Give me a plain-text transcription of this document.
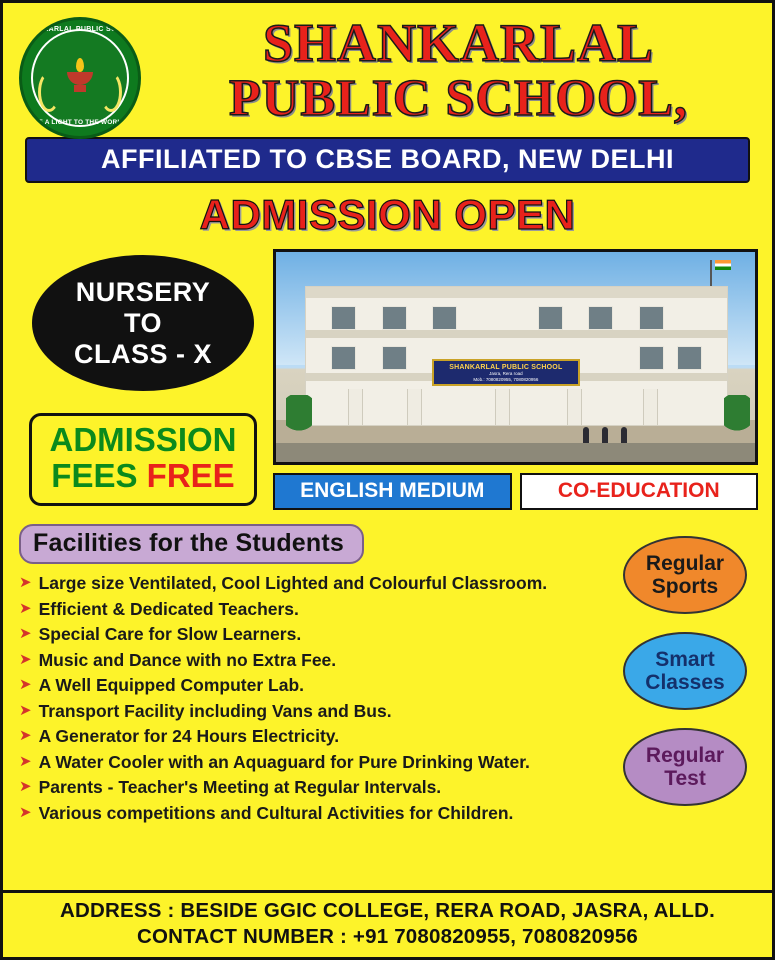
SHANKARLAL PUBLIC SCHOOL
BE A LIGHT TO THE WORLD
SHANKARLAL
PUBLIC SCHOOL,
AFFILIATED TO CBSE BOARD, NEW DELHI
ADMISSION OPEN
NURSERY
TO
CLASS - X
ADMISSION
FEES FREE
SHANKARLAL PUBLIC SCHOOL
Jasra, Rera road
Mob.: 7080820955, 7080820956
ENGLISH MEDIUM	CO-EDUCATION
Facilities for the Students
➤ Large size Ventilated, Cool Lighted and Colourful Classroom.
➤ Efficient & Dedicated Teachers.
➤ Special Care for Slow Learners.
➤ Music and Dance with no Extra Fee.
➤ A Well Equipped Computer Lab.
➤ Transport Facility including Vans and Bus.
➤ A Generator for 24 Hours Electricity.
➤ A Water Cooler with an Aquaguard for Pure Drinking Water.
➤ Parents - Teacher's Meeting at Regular Intervals.
➤ Various competitions and Cultural Activities for Children.
Regular
Sports
Smart
Classes
Regular
Test
ADDRESS : BESIDE GGIC COLLEGE, RERA ROAD, JASRA, ALLD.
CONTACT NUMBER : +91 7080820955, 7080820956
